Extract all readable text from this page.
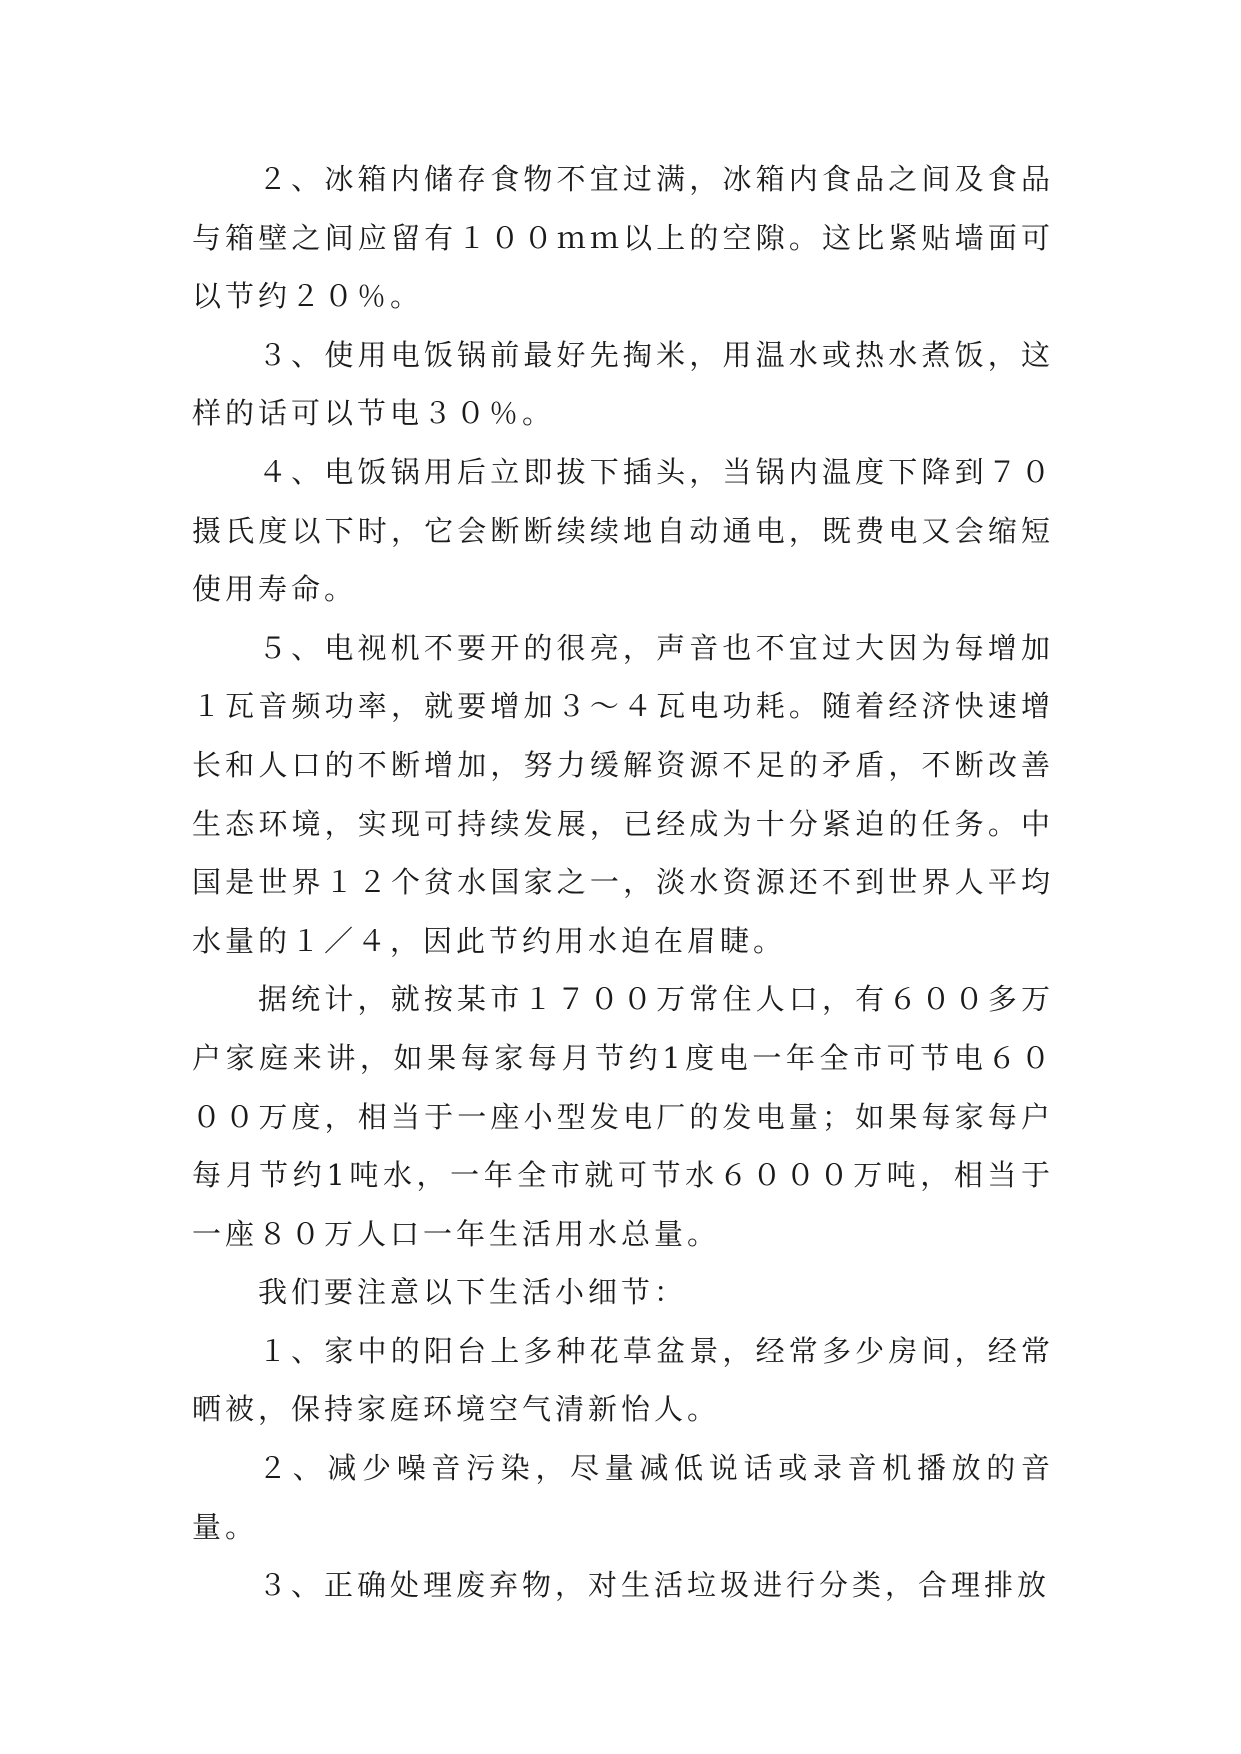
２、冰箱内储存食物不宜过满，冰箱内食品之间及食品与箱壁之间应留有１００ｍｍ以上的空隙。这比紧贴墙面可以节约２０％。

３、使用电饭锅前最好先掏米，用温水或热水煮饭，这样的话可以节电３０％。

４、电饭锅用后立即拔下插头，当锅内温度下降到７０摄氏度以下时，它会断断续续地自动通电，既费电又会缩短使用寿命。

５、电视机不要开的很亮，声音也不宜过大因为每增加１瓦音频功率，就要增加３～４瓦电功耗。随着经济快速增长和人口的不断增加，努力缓解资源不足的矛盾，不断改善生态环境，实现可持续发展，已经成为十分紧迫的任务。中国是世界１２个贫水国家之一，淡水资源还不到世界人平均水量的１／４，因此节约用水迫在眉睫。

据统计，就按某市１７００万常住人口，有６００多万户家庭来讲，如果每家每月节约1度电一年全市可节电６０００万度，相当于一座小型发电厂的发电量；如果每家每户每月节约1吨水，一年全市就可节水６０００万吨，相当于一座８０万人口一年生活用水总量。

我们要注意以下生活小细节：

１、家中的阳台上多种花草盆景，经常多少房间，经常晒被，保持家庭环境空气清新怡人。

２、减少噪音污染，尽量减低说话或录音机播放的音量。

３、正确处理废弃物，对生活垃圾进行分类，合理排放
